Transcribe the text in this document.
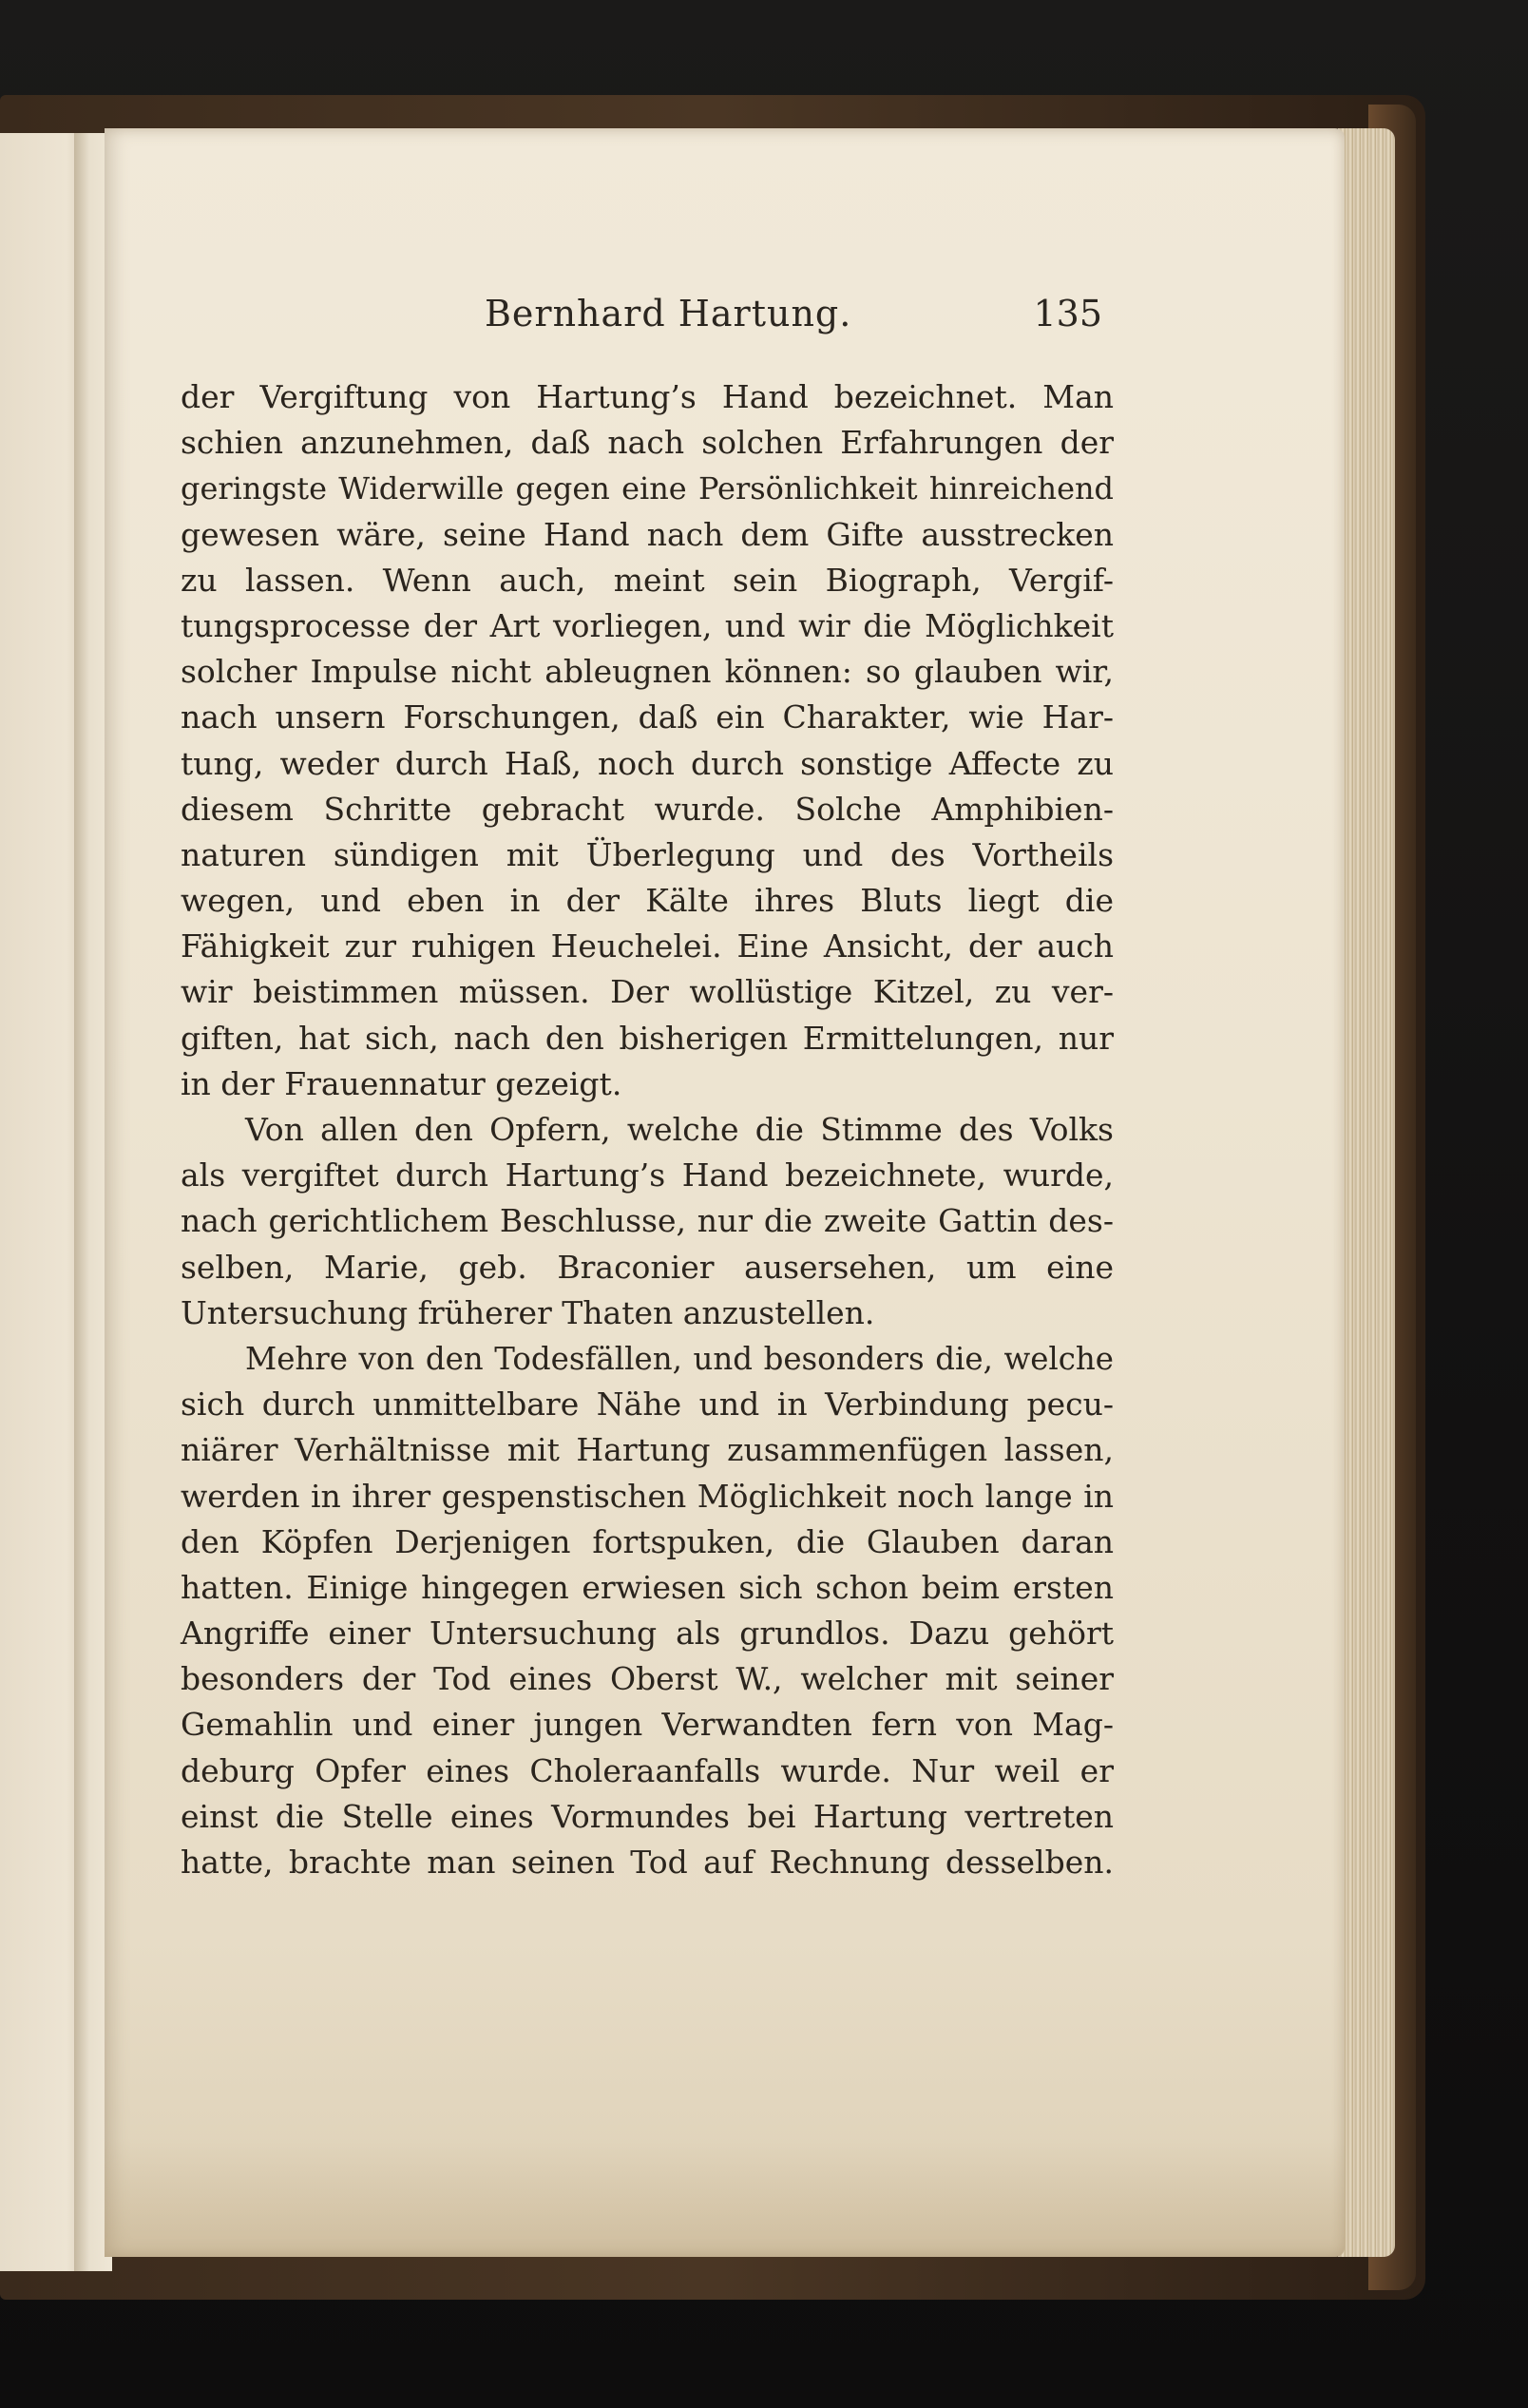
Bernhard Hartung.	135
der Vergiftung von Hartung’s Hand bezeichnet. Man
schien anzunehmen, daß nach solchen Erfahrungen der
geringste Widerwille gegen eine Persönlichkeit hinreichend
gewesen wäre, seine Hand nach dem Gifte ausstrecken
zu lassen. Wenn auch, meint sein Biograph, Vergif-
tungsprocesse der Art vorliegen, und wir die Möglichkeit
solcher Impulse nicht ableugnen können: so glauben wir,
nach unsern Forschungen, daß ein Charakter, wie Har-
tung, weder durch Haß, noch durch sonstige Affecte zu
diesem Schritte gebracht wurde. Solche Amphibien-
naturen sündigen mit Überlegung und des Vortheils
wegen, und eben in der Kälte ihres Bluts liegt die
Fähigkeit zur ruhigen Heuchelei. Eine Ansicht, der auch
wir beistimmen müssen. Der wollüstige Kitzel, zu ver-
giften, hat sich, nach den bisherigen Ermittelungen, nur
in der Frauennatur gezeigt.
Von allen den Opfern, welche die Stimme des Volks
als vergiftet durch Hartung’s Hand bezeichnete, wurde,
nach gerichtlichem Beschlusse, nur die zweite Gattin des-
selben, Marie, geb. Braconier ausersehen, um eine
Untersuchung früherer Thaten anzustellen.
Mehre von den Todesfällen, und besonders die, welche
sich durch unmittelbare Nähe und in Verbindung pecu-
niärer Verhältnisse mit Hartung zusammenfügen lassen,
werden in ihrer gespenstischen Möglichkeit noch lange in
den Köpfen Derjenigen fortspuken, die Glauben daran
hatten. Einige hingegen erwiesen sich schon beim ersten
Angriffe einer Untersuchung als grundlos. Dazu gehört
besonders der Tod eines Oberst W., welcher mit seiner
Gemahlin und einer jungen Verwandten fern von Mag-
deburg Opfer eines Choleraanfalls wurde. Nur weil er
einst die Stelle eines Vormundes bei Hartung vertreten
hatte, brachte man seinen Tod auf Rechnung desselben.
